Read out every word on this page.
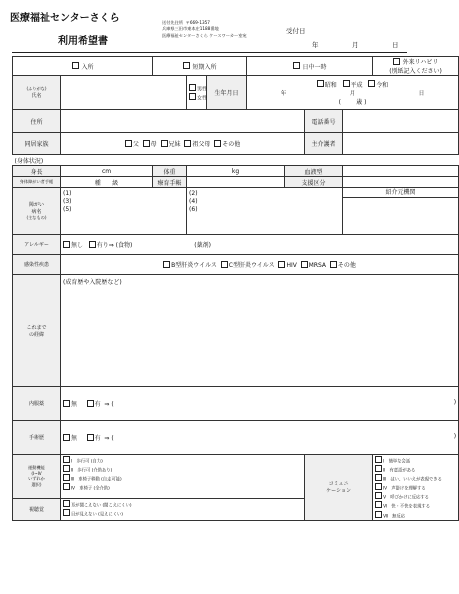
医療福祉センターさくら
利用希望書
送付先住所 〒669-1357
兵庫県三田市東本庄1188番地
医療福祉センターさくら ケースワーカー室宛
受付日
年	月	日
入所	短期入所	日中一時	
外来リハビリ
(別紙記入ください)

(ふりがな)
氏名

男性
女性
	生年月日	
昭和 平成 令和
年	月	日
(	歳 )

住所		電話番号	
同居家族	父 母 兄妹 祖父母 その他	主介護者	
(身体状況)
身長	cm	体重	kg	血液型	
身体障がい者手帳	種 級	療育手帳		支援区分	

障がい
病名
(主なもの)

(1)
(3)
(5)

(2)
(4)
(6)

紹介元機関

アレルギー	無し 有り⇒ (食物)	(薬剤)
感染性疾患	B型肝炎ウイルス C型肝炎ウイルス HIV MRSA その他

これまで
の経緯
	(成育歴や入院歴など)
内服薬	無	有 ⇒ (	)

手術歴	無	有 ⇒ (	)

運動機能
(Ⅰ~Ⅳ
いずれか
選択)

Ⅰ　歩行可 (自力)
Ⅱ　歩行可 (介助あり)
Ⅲ　車椅子移動 (自走可能)
Ⅳ　車椅子 (全介助)

コミュニ
ケーション

Ⅰ　簡単な会話
Ⅱ　有意語がある
Ⅲ　はい、いいえが表現できる
Ⅳ　声掛けを理解する
Ⅴ　呼びかけに反応する
Ⅵ　快・不快を表現する
Ⅶ　無反応

視聴覚	
耳が聞こえない (聞こえにくい)
目が見えない (見えにくい)
